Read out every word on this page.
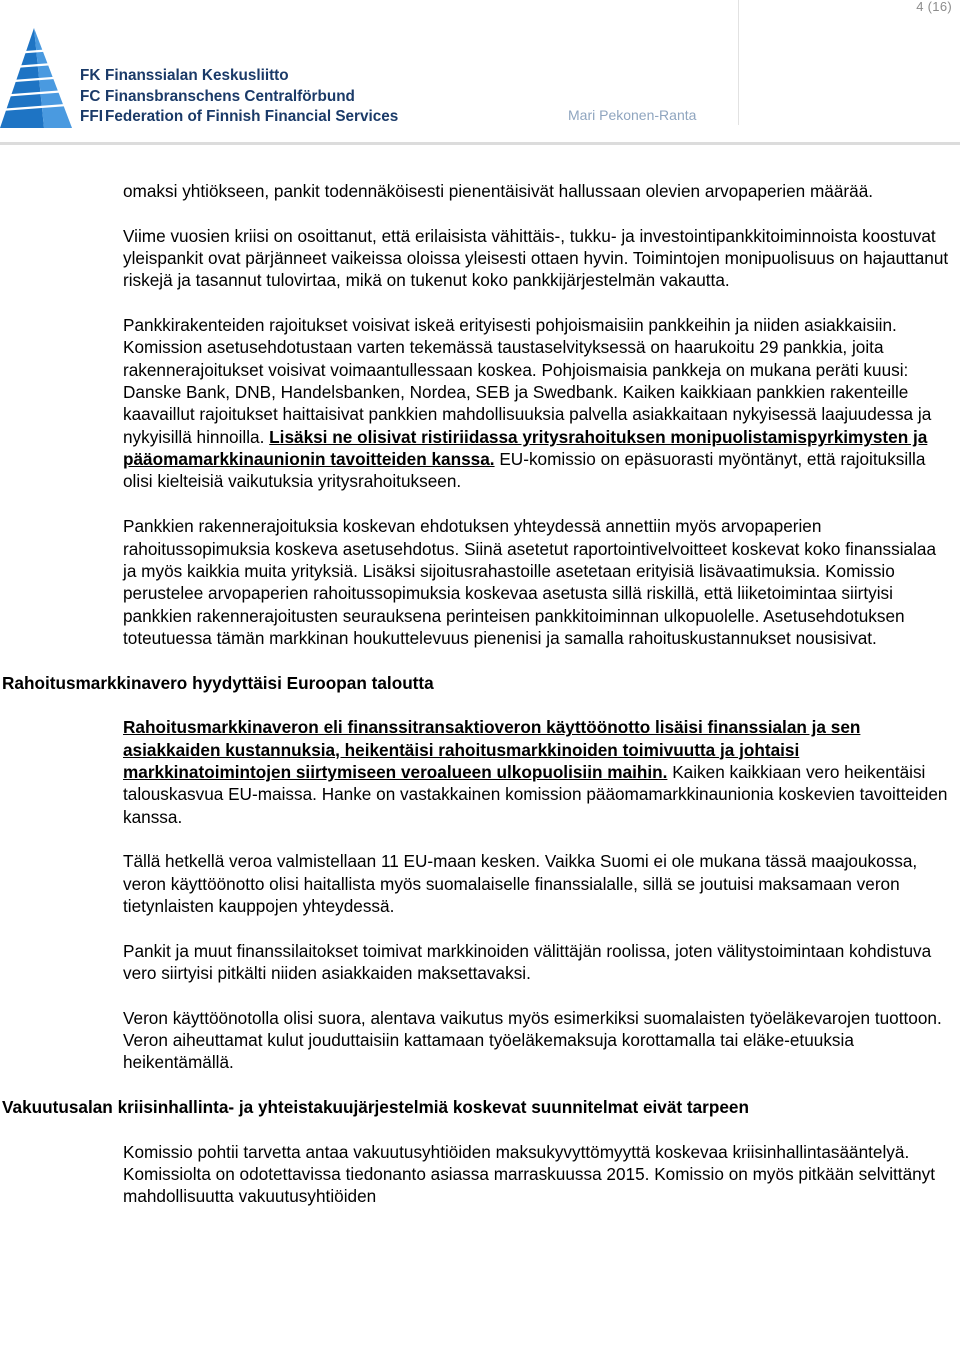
4 (16)
FK Finanssialan Keskusliitto
FC Finansbranschens Centralförbund
FFI Federation of Finnish Financial Services	Mari Pekonen-Ranta

omaksi yhtiökseen, pankit todennäköisesti pienentäisivät hallussaan olevien arvopaperien määrää.

Viime vuosien kriisi on osoittanut, että erilaisista vähittäis-, tukku- ja investointipankkitoiminnoista koostuvat yleispankit ovat pärjänneet vaikeissa oloissa yleisesti ottaen hyvin. Toimintojen monipuolisuus on hajauttanut riskejä ja tasannut tulovirtaa, mikä on tukenut koko pankkijärjestelmän vakautta.

Pankkirakenteiden rajoitukset voisivat iskeä erityisesti pohjoismaisiin pankkeihin ja niiden asiakkaisiin. Komission asetusehdotustaan varten tekemässä taustaselvityksessä on haarukoitu 29 pankkia, joita rakennerajoitukset voisivat voimaantullessaan koskea. Pohjoismaisia pankkeja on mukana peräti kuusi: Danske Bank, DNB, Handelsbanken, Nordea, SEB ja Swedbank. Kaiken kaikkiaan pankkien rakenteille kaavaillut rajoitukset haittaisivat pankkien mahdollisuuksia palvella asiakkaitaan nykyisessä laajuudessa ja nykyisillä hinnoilla. Lisäksi ne olisivat ristiriidassa yritysrahoituksen monipuolistamispyrkimysten ja pääomamarkkinaunionin tavoitteiden kanssa. EU-komissio on epäsuorasti myöntänyt, että rajoituksilla olisi kielteisiä vaikutuksia yritysrahoitukseen.

Pankkien rakennerajoituksia koskevan ehdotuksen yhteydessä annettiin myös arvopaperien rahoitussopimuksia koskeva asetusehdotus. Siinä asetetut raportointivelvoitteet koskevat koko finanssialaa ja myös kaikkia muita yrityksiä. Lisäksi sijoitusrahastoille asetetaan erityisiä lisävaatimuksia. Komissio perustelee arvopaperien rahoitussopimuksia koskevaa asetusta sillä riskillä, että liiketoimintaa siirtyisi pankkien rakennerajoitusten seurauksena perinteisen pankkitoiminnan ulkopuolelle. Asetusehdotuksen toteutuessa tämän markkinan houkuttelevuus pienenisi ja samalla rahoituskustannukset nousisivat.

Rahoitusmarkkinavero hyydyttäisi Euroopan taloutta

Rahoitusmarkkinaveron eli finanssitransaktioveron käyttöönotto lisäisi finanssialan ja sen asiakkaiden kustannuksia, heikentäisi rahoitusmarkkinoiden toimivuutta ja johtaisi markkinatoimintojen siirtymiseen veroalueen ulkopuolisiin maihin. Kaiken kaikkiaan vero heikentäisi talouskasvua EU-maissa. Hanke on vastakkainen komission pääomamarkkinaunionia koskevien tavoitteiden kanssa.

Tällä hetkellä veroa valmistellaan 11 EU-maan kesken. Vaikka Suomi ei ole mukana tässä maajoukossa, veron käyttöönotto olisi haitallista myös suomalaiselle finanssialalle, sillä se joutuisi maksamaan veron tietynlaisten kauppojen yhteydessä.

Pankit ja muut finanssilaitokset toimivat markkinoiden välittäjän roolissa, joten välitystoimintaan kohdistuva vero siirtyisi pitkälti niiden asiakkaiden maksettavaksi.

Veron käyttöönotolla olisi suora, alentava vaikutus myös esimerkiksi suomalaisten työeläkevarojen tuottoon. Veron aiheuttamat kulut jouduttaisiin kattamaan työeläkemaksuja korottamalla tai eläke-etuuksia heikentämällä.

Vakuutusalan kriisinhallinta- ja yhteistakuujärjestelmiä koskevat suunnitelmat eivät tarpeen

Komissio pohtii tarvetta antaa vakuutusyhtiöiden maksukyvyttömyyttä koskevaa kriisinhallintasääntelyä. Komissiolta on odotettavissa tiedonanto asiassa marraskuussa 2015. Komissio on myös pitkään selvittänyt mahdollisuutta vakuutusyhtiöiden
